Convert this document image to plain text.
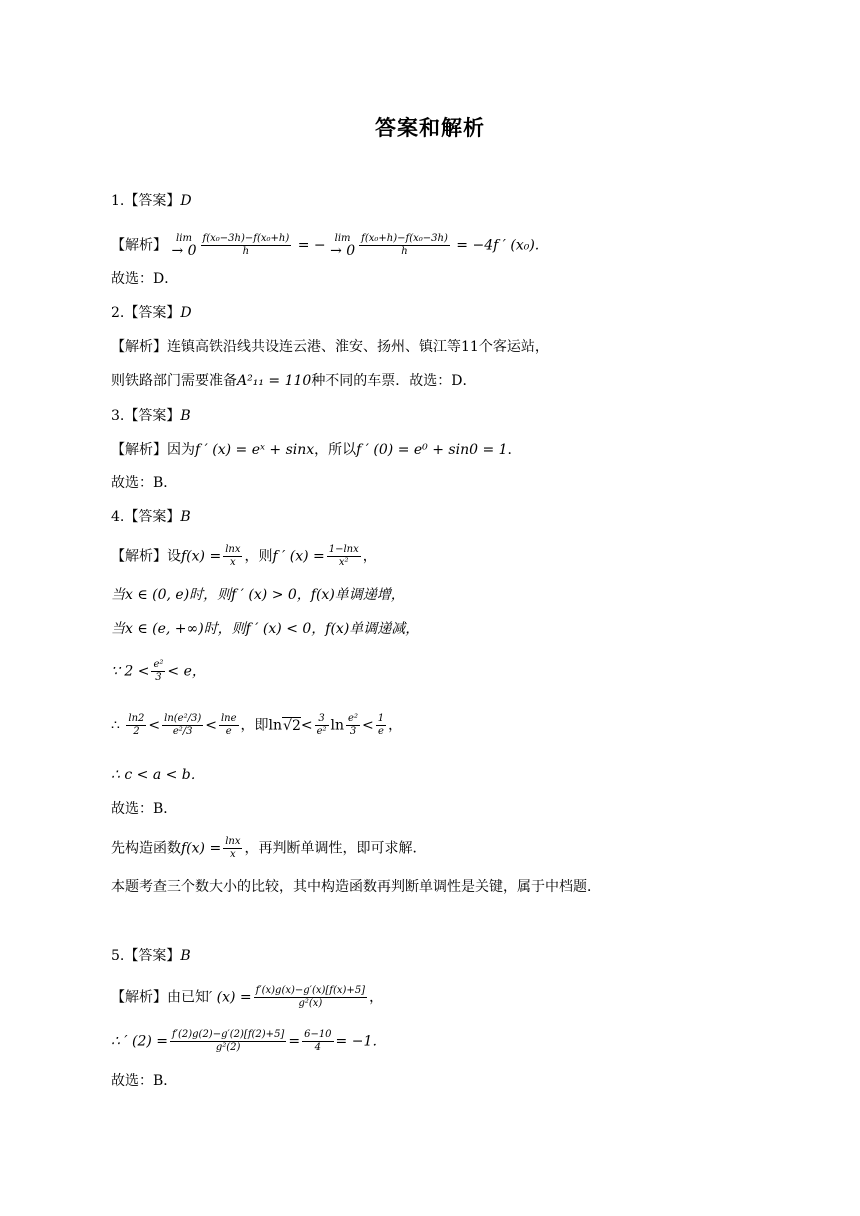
答案和解析
1.【答案】D
【解析】 lim
→ $0 \frac{\text{f(x₀−3h)−f(x₀+h)}}{h}$ = − lim
→ $0 \frac{\text{f(x₀+h)−f(x₀−3h)}}{h} = -4f$ ′ (x₀).
故选：D．
2.【答案】D
【解析】连镇高铁沿线共设连云港、淮安、扬州、镇江等11个客运站，
则铁路部门需要准备A²₁₁ = 110种不同的车票．故选：D．
3.【答案】B
【解析】因为f ′ (x) = eˣ + sinx，所以f ′ (0) = e⁰ + sin0 = 1．
故选：B．
4.【答案】B
【解析】设$f(x) = \frac{\ln x}{x}$ ，则f ′ $(x) = \frac{1-\ln x}{\text{x²}}$ ，
当x ∈ (0, e)时，则f ′ (x) > 0，f(x)单调递增，
当x ∈ (e, +∞)时，则f ′ (x) < 0，f(x)单调递减，
∵ $2 < \frac{\text{e²}}{3} < e$，
∴ $\frac{\ln 2}{2} < \frac{\text{ln(e²/3)}}{\text{e²/3}} < \frac{\ln e}{e}$ ，即$\ln√2< \frac{3}{\text{e²}}$ $\ln \frac{\text{e²}}{3} < \frac{1}{e}$ ，
∴ c < a < b．
故选：B．
先构造函数$f(x) = \frac{\ln x}{x}$ ，再判断单调性，即可求解．
本题考查三个数大小的比较，其中构造函数再判断单调性是关键，属于中档题．
5.【答案】B
【解析】由已知′ $(x) = \frac{f'(x)g(x)-g'(x)[f(x)+5]}{\text{g²(x)}}$ ，
∴ ′ $(2) = \frac{f'(2)g(2)-g'(2)[f(2)+5]}{\text{g²(2)}} = \frac{6-10}{4} = -1$．
故选：B．
